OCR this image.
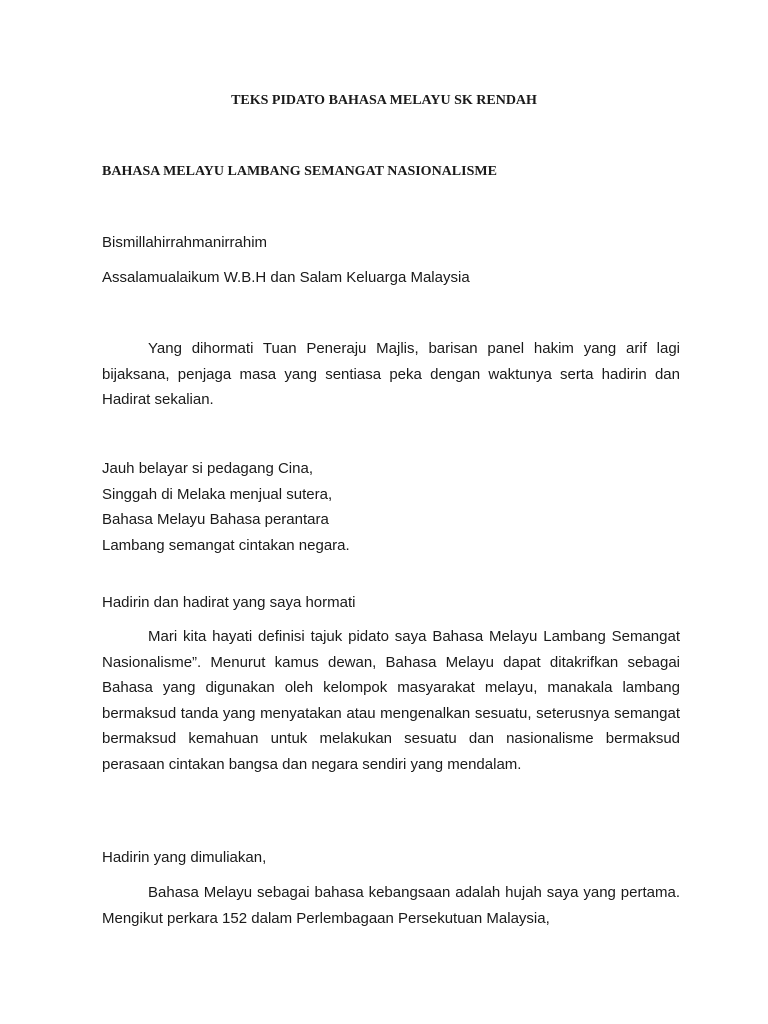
TEKS PIDATO BAHASA MELAYU SK RENDAH

BAHASA MELAYU LAMBANG SEMANGAT NASIONALISME

Bismillahirrahmanirrahim

Assalamualaikum W.B.H dan Salam Keluarga Malaysia

Yang dihormati Tuan Peneraju Majlis, barisan panel hakim yang arif lagi bijaksana, penjaga masa yang sentiasa peka dengan waktunya serta hadirin dan Hadirat sekalian.

Jauh belayar si pedagang Cina,

Singgah di Melaka menjual sutera,

Bahasa Melayu Bahasa perantara

Lambang semangat cintakan negara.

Hadirin dan hadirat yang saya hormati

Mari kita hayati definisi tajuk pidato saya Bahasa Melayu Lambang Semangat Nasionalisme”. Menurut kamus dewan, Bahasa Melayu dapat ditakrifkan sebagai Bahasa yang digunakan oleh kelompok masyarakat melayu, manakala lambang bermaksud tanda yang menyatakan atau mengenalkan sesuatu, seterusnya semangat bermaksud kemahuan untuk melakukan sesuatu dan nasionalisme bermaksud perasaan cintakan bangsa dan negara sendiri yang mendalam.

Hadirin yang dimuliakan,

Bahasa Melayu sebagai bahasa kebangsaan adalah hujah saya yang pertama. Mengikut perkara 152 dalam Perlembagaan Persekutuan Malaysia,
